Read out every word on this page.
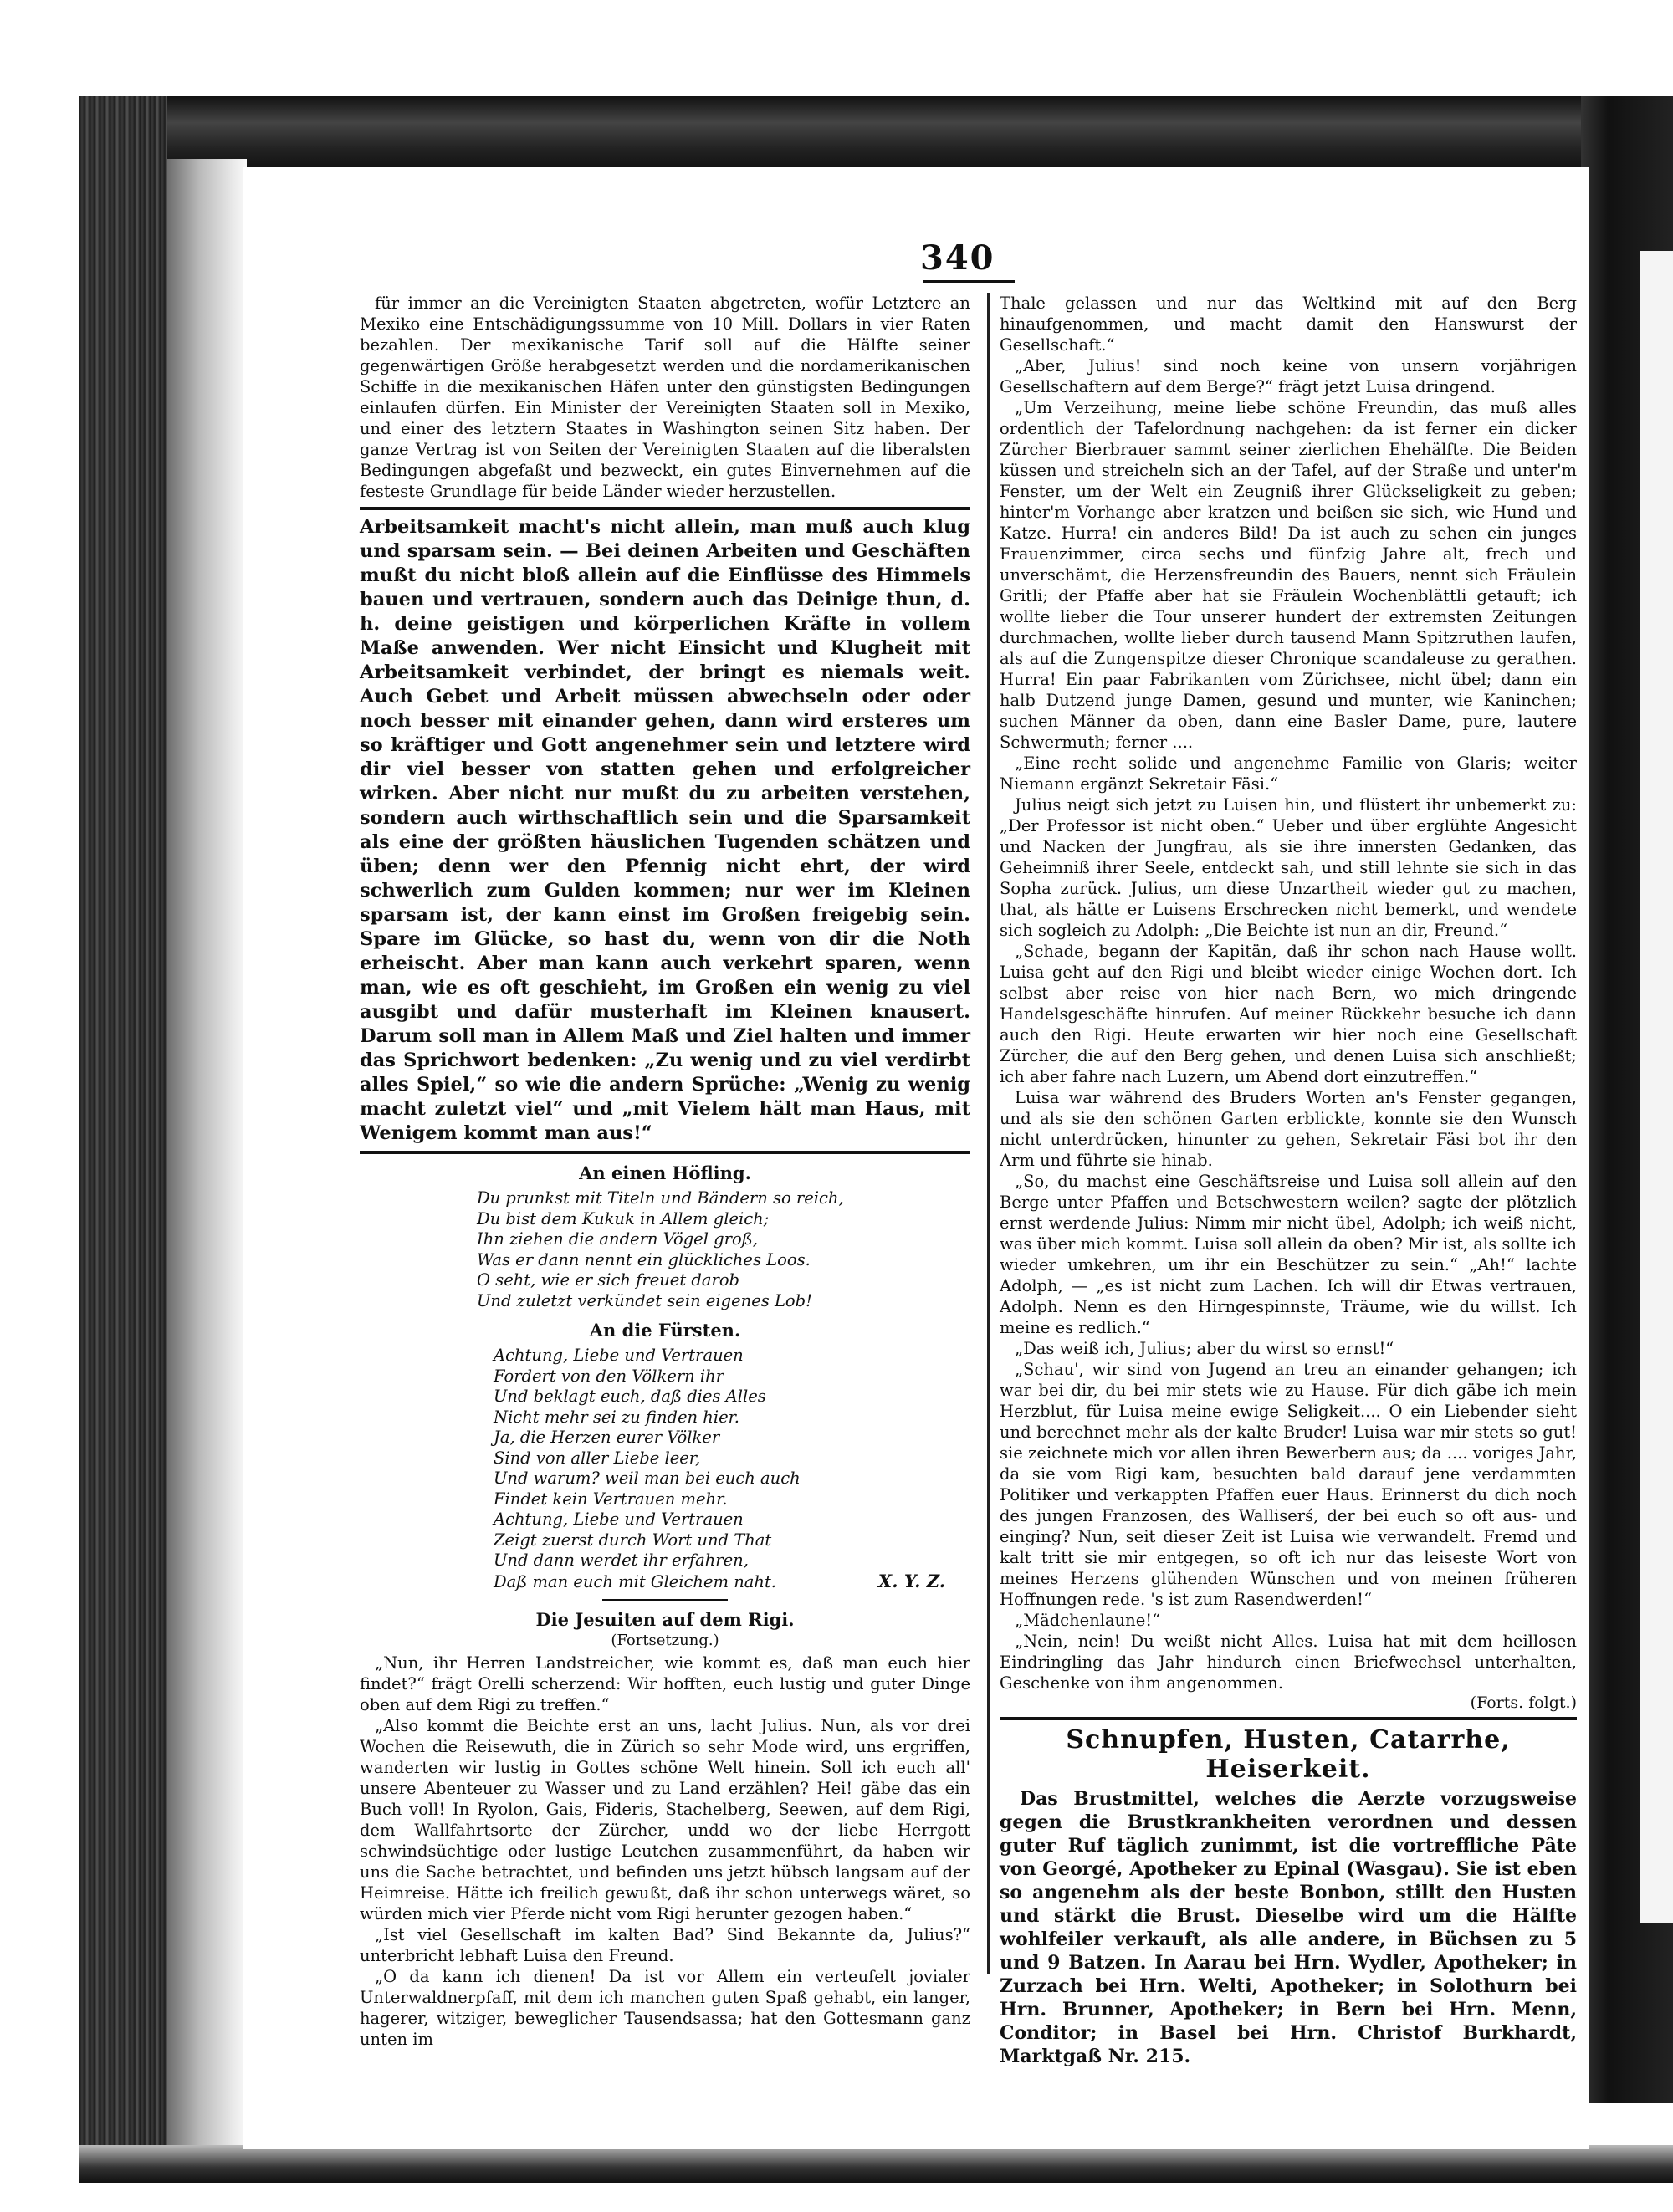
340

für immer an die Vereinigten Staaten abgetreten, wofür Letztere an Mexiko eine Entschädigungssumme von 10 Mill. Dollars in vier Raten bezahlen. Der mexikanische Tarif soll auf die Hälfte seiner gegenwärtigen Größe herabgesetzt werden und die nordamerikanischen Schiffe in die mexikanischen Häfen unter den günstigsten Bedingungen einlaufen dürfen. Ein Minister der Vereinigten Staaten soll in Mexiko, und einer des letztern Staates in Washington seinen Sitz haben. Der ganze Vertrag ist von Seiten der Vereinigten Staaten auf die liberalsten Bedingungen abgefaßt und bezweckt, ein gutes Einvernehmen auf die festeste Grundlage für beide Länder wieder herzustellen.

Arbeitsamkeit macht's nicht allein, man muß auch klug und sparsam sein. — Bei deinen Arbeiten und Geschäften mußt du nicht bloß allein auf die Einflüsse des Himmels bauen und vertrauen, sondern auch das Deinige thun, d. h. deine geistigen und körperlichen Kräfte in vollem Maße anwenden. Wer nicht Einsicht und Klugheit mit Arbeitsamkeit verbindet, der bringt es niemals weit. Auch Gebet und Arbeit müssen abwechseln oder oder noch besser mit einander gehen, dann wird ersteres um so kräftiger und Gott angenehmer sein und letztere wird dir viel besser von statten gehen und erfolgreicher wirken. Aber nicht nur mußt du zu arbeiten verstehen, sondern auch wirthschaftlich sein und die Sparsamkeit als eine der größten häuslichen Tugenden schätzen und üben; denn wer den Pfennig nicht ehrt, der wird schwerlich zum Gulden kommen; nur wer im Kleinen sparsam ist, der kann einst im Großen freigebig sein. Spare im Glücke, so hast du, wenn von dir die Noth erheischt. Aber man kann auch verkehrt sparen, wenn man, wie es oft geschieht, im Großen ein wenig zu viel ausgibt und dafür musterhaft im Kleinen knausert. Darum soll man in Allem Maß und Ziel halten und immer das Sprichwort bedenken: „Zu wenig und zu viel verdirbt alles Spiel,“ so wie die andern Sprüche: „Wenig zu wenig macht zuletzt viel“ und „mit Vielem hält man Haus, mit Wenigem kommt man aus!“

An einen Höfling.
Du prunkst mit Titeln und Bändern so reich,
Du bist dem Kukuk in Allem gleich;
Ihn ziehen die andern Vögel groß,
Was er dann nennt ein glückliches Loos.
O seht, wie er sich freuet darob
Und zuletzt verkündet sein eigenes Lob!
An die Fürsten.
Achtung, Liebe und Vertrauen
Fordert von den Völkern ihr
Und beklagt euch, daß dies Alles
Nicht mehr sei zu finden hier.
Ja, die Herzen eurer Völker
Sind von aller Liebe leer,
Und warum? weil man bei euch auch
Findet kein Vertrauen mehr.
Achtung, Liebe und Vertrauen
Zeigt zuerst durch Wort und That
Und dann werdet ihr erfahren,
Daß man euch mit Gleichem naht.	X. Y. Z.
Die Jesuiten auf dem Rigi.
(Fortsetzung.)

„Nun, ihr Herren Landstreicher, wie kommt es, daß man euch hier findet?“ frägt Orelli scherzend: Wir hofften, euch lustig und guter Dinge oben auf dem Rigi zu treffen.“

„Also kommt die Beichte erst an uns, lacht Julius. Nun, als vor drei Wochen die Reisewuth, die in Zürich so sehr Mode wird, uns ergriffen, wanderten wir lustig in Gottes schöne Welt hinein. Soll ich euch all' unsere Abenteuer zu Wasser und zu Land erzählen? Hei! gäbe das ein Buch voll! In Ryolon, Gais, Fideris, Stachelberg, Seewen, auf dem Rigi, dem Wallfahrtsorte der Zürcher, undd wo der liebe Herrgott schwindsüchtige oder lustige Leutchen zusammenführt, da haben wir uns die Sache betrachtet, und befinden uns jetzt hübsch langsam auf der Heimreise. Hätte ich freilich gewußt, daß ihr schon unterwegs wäret, so würden mich vier Pferde nicht vom Rigi herunter gezogen haben.“

„Ist viel Gesellschaft im kalten Bad? Sind Bekannte da, Julius?“ unterbricht lebhaft Luisa den Freund.

„O da kann ich dienen! Da ist vor Allem ein verteufelt jovialer Unterwaldnerpfaff, mit dem ich manchen guten Spaß gehabt, ein langer, hagerer, witziger, beweglicher Tausendsassa; hat den Gottesmann ganz unten im

Thale gelassen und nur das Weltkind mit auf den Berg hinaufgenommen, und macht damit den Hanswurst der Gesellschaft.“

„Aber, Julius! sind noch keine von unsern vorjährigen Gesellschaftern auf dem Berge?“ frägt jetzt Luisa dringend.

„Um Verzeihung, meine liebe schöne Freundin, das muß alles ordentlich der Tafelordnung nachgehen: da ist ferner ein dicker Zürcher Bierbrauer sammt seiner zierlichen Ehehälfte. Die Beiden küssen und streicheln sich an der Tafel, auf der Straße und unter'm Fenster, um der Welt ein Zeugniß ihrer Glückseligkeit zu geben; hinter'm Vorhange aber kratzen und beißen sie sich, wie Hund und Katze. Hurra! ein anderes Bild! Da ist auch zu sehen ein junges Frauenzimmer, circa sechs und fünfzig Jahre alt, frech und unverschämt, die Herzensfreundin des Bauers, nennt sich Fräulein Gritli; der Pfaffe aber hat sie Fräulein Wochenblättli getauft; ich wollte lieber die Tour unserer hundert der extremsten Zeitungen durchmachen, wollte lieber durch tausend Mann Spitzruthen laufen, als auf die Zungenspitze dieser Chronique scandaleuse zu gerathen. Hurra! Ein paar Fabrikanten vom Zürichsee, nicht übel; dann ein halb Dutzend junge Damen, gesund und munter, wie Kaninchen; suchen Männer da oben, dann eine Basler Dame, pure, lautere Schwermuth; ferner ....

„Eine recht solide und angenehme Familie von Glaris; weiter Niemann ergänzt Sekretair Fäsi.“

Julius neigt sich jetzt zu Luisen hin, und flüstert ihr unbemerkt zu: „Der Professor ist nicht oben.“ Ueber und über erglühte Angesicht und Nacken der Jungfrau, als sie ihre innersten Gedanken, das Geheimniß ihrer Seele, entdeckt sah, und still lehnte sie sich in das Sopha zurück. Julius, um diese Unzartheit wieder gut zu machen, that, als hätte er Luisens Erschrecken nicht bemerkt, und wendete sich sogleich zu Adolph: „Die Beichte ist nun an dir, Freund.“

„Schade, begann der Kapitän, daß ihr schon nach Hause wollt. Luisa geht auf den Rigi und bleibt wieder einige Wochen dort. Ich selbst aber reise von hier nach Bern, wo mich dringende Handelsgeschäfte hinrufen. Auf meiner Rückkehr besuche ich dann auch den Rigi. Heute erwarten wir hier noch eine Gesellschaft Zürcher, die auf den Berg gehen, und denen Luisa sich anschließt; ich aber fahre nach Luzern, um Abend dort einzutreffen.“

Luisa war während des Bruders Worten an's Fenster gegangen, und als sie den schönen Garten erblickte, konnte sie den Wunsch nicht unterdrücken, hinunter zu gehen, Sekretair Fäsi bot ihr den Arm und führte sie hinab.

„So, du machst eine Geschäftsreise und Luisa soll allein auf den Berge unter Pfaffen und Betschwestern weilen? sagte der plötzlich ernst werdende Julius: Nimm mir nicht übel, Adolph; ich weiß nicht, was über mich kommt. Luisa soll allein da oben? Mir ist, als sollte ich wieder umkehren, um ihr ein Beschützer zu sein.“ „Ah!“ lachte Adolph, — „es ist nicht zum Lachen. Ich will dir Etwas vertrauen, Adolph. Nenn es den Hirngespinnste, Träume, wie du willst. Ich meine es redlich.“

„Das weiß ich, Julius; aber du wirst so ernst!“

„Schau', wir sind von Jugend an treu an einander gehangen; ich war bei dir, du bei mir stets wie zu Hause. Für dich gäbe ich mein Herzblut, für Luisa meine ewige Seligkeit.... O ein Liebender sieht und berechnet mehr als der kalte Bruder! Luisa war mir stets so gut! sie zeichnete mich vor allen ihren Bewerbern aus; da .... voriges Jahr, da sie vom Rigi kam, besuchten bald darauf jene verdammten Politiker und verkappten Pfaffen euer Haus. Erinnerst du dich noch des jungen Franzosen, des Walliserś, der bei euch so oft aus- und einging? Nun, seit dieser Zeit ist Luisa wie verwandelt. Fremd und kalt tritt sie mir entgegen, so oft ich nur das leiseste Wort von meines Herzens glühenden Wünschen und von meinen früheren Hoffnungen rede. 's ist zum Rasendwerden!“

„Mädchenlaune!“

„Nein, nein! Du weißt nicht Alles. Luisa hat mit dem heillosen Eindringling das Jahr hindurch einen Briefwechsel unterhalten, Geschenke von ihm angenommen.

(Forts. folgt.)
Schnupfen, Husten, Catarrhe, Heiserkeit.

Das Brustmittel, welches die Aerzte vorzugsweise gegen die Brustkrankheiten verordnen und dessen guter Ruf täglich zunimmt, ist die vortreffliche Pâte von Georgé, Apotheker zu Epinal (Wasgau). Sie ist eben so angenehm als der beste Bonbon, stillt den Husten und stärkt die Brust. Dieselbe wird um die Hälfte wohlfeiler verkauft, als alle andere, in Büchsen zu 5 und 9 Batzen. In Aarau bei Hrn. Wydler, Apotheker; in Zurzach bei Hrn. Welti, Apotheker; in Solothurn bei Hrn. Brunner, Apotheker; in Bern bei Hrn. Menn, Conditor; in Basel bei Hrn. Christof Burkhardt, Marktgaß Nr. 215.
